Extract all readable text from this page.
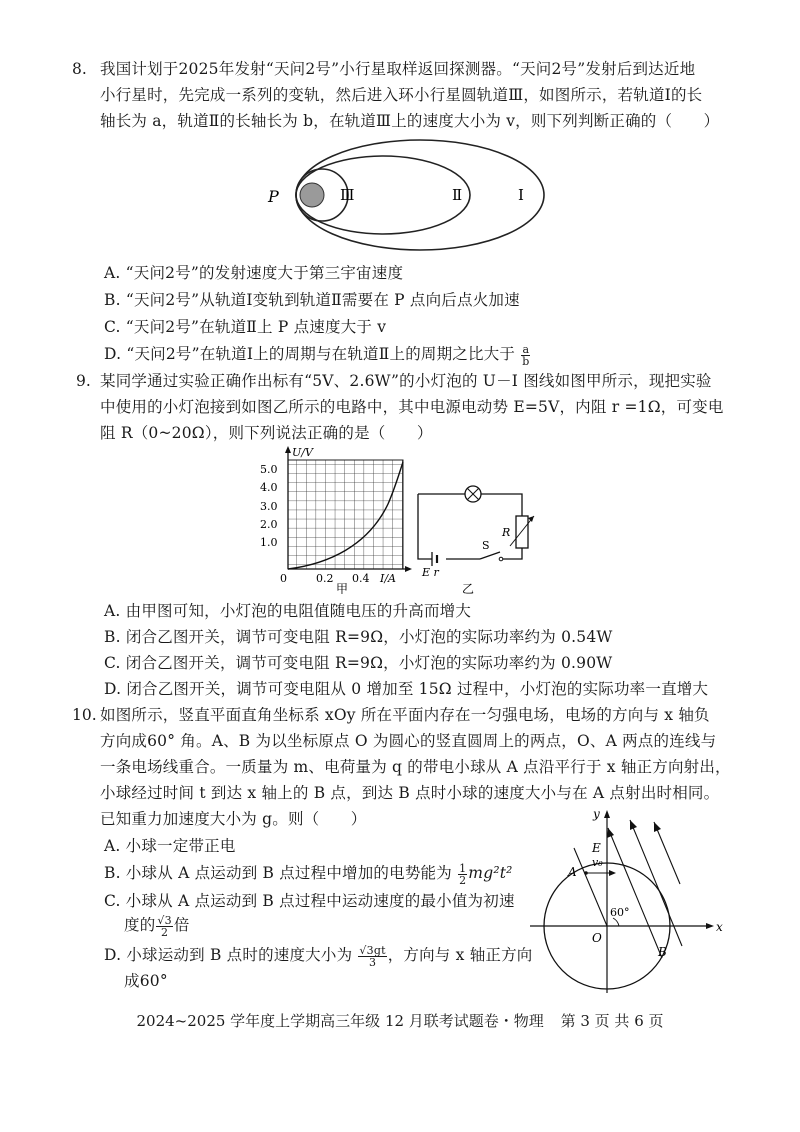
8. 我国计划于2025年发射“天问2号”小行星取样返回探测器。“天问2号”发射后到达近地
小行星时，先完成一系列的变轨，然后进入环小行星圆轨道Ⅲ，如图所示，若轨道Ⅰ的长
轴长为 a，轨道Ⅱ的长轴长为 b，在轨道Ⅲ上的速度大小为 v，则下列判断正确的（　　）
P	Ⅲ	Ⅱ	Ⅰ
A. “天问2号”的发射速度大于第三宇宙速度
B. “天问2号”从轨道Ⅰ变轨到轨道Ⅱ需要在 P 点向后点火加速
C. “天问2号”在轨道Ⅱ上 P 点速度大于 v
D. “天问2号”在轨道Ⅰ上的周期与在轨道Ⅱ上的周期之比大于 $\frac{a}{b}$
9. 某同学通过实验正确作出标有“5V、2.6W”的小灯泡的 U－I 图线如图甲所示，现把实验
中使用的小灯泡接到如图乙所示的电路中，其中电源电动势 E=5V，内阻 r =1Ω，可变电
阻 R（0~20Ω），则下列说法正确的是（　　）
U/V
5.0
4.0
3.0
2.0
1.0
0	0.2 0.4 I/A
甲
R
S
E r
乙
A. 由甲图可知，小灯泡的电阻值随电压的升高而增大
B. 闭合乙图开关，调节可变电阻 R=9Ω，小灯泡的实际功率约为 0.54W
C. 闭合乙图开关，调节可变电阻 R=9Ω，小灯泡的实际功率约为 0.90W
D. 闭合乙图开关，调节可变电阻从 0 增加至 15Ω 过程中，小灯泡的实际功率一直增大
10. 如图所示，竖直平面直角坐标系 xOy 所在平面内存在一匀强电场，电场的方向与 x 轴负
方向成60° 角。A、B 为以坐标原点 O 为圆心的竖直圆周上的两点，O、A 两点的连线与
一条电场线重合。一质量为 m、电荷量为 q 的带电小球从 A 点沿平行于 x 轴正方向射出，
小球经过时间 t 到达 x 轴上的 B 点，到达 B 点时小球的速度大小与在 A 点射出时相同。
已知重力加速度大小为 g。则（　　）
A. 小球一定带正电
B. 小球从 A 点运动到 B 点过程中增加的电势能为 $\frac{1}{2} mg^2t^2$
C. 小球从 A 点运动到 B 点过程中运动速度的最小值为初速
度的 $\frac{√3}{2}$ 倍
D. 小球运动到 B 点时的速度大小为 $\frac{√3gt}{3}$ ，方向与 x 轴正方向
成60°
x
y
E
v₀
A
O
B
60°
2024~2025 学年度上学期高三年级 12 月联考试题卷・物理 第 3 页 共 6 页
